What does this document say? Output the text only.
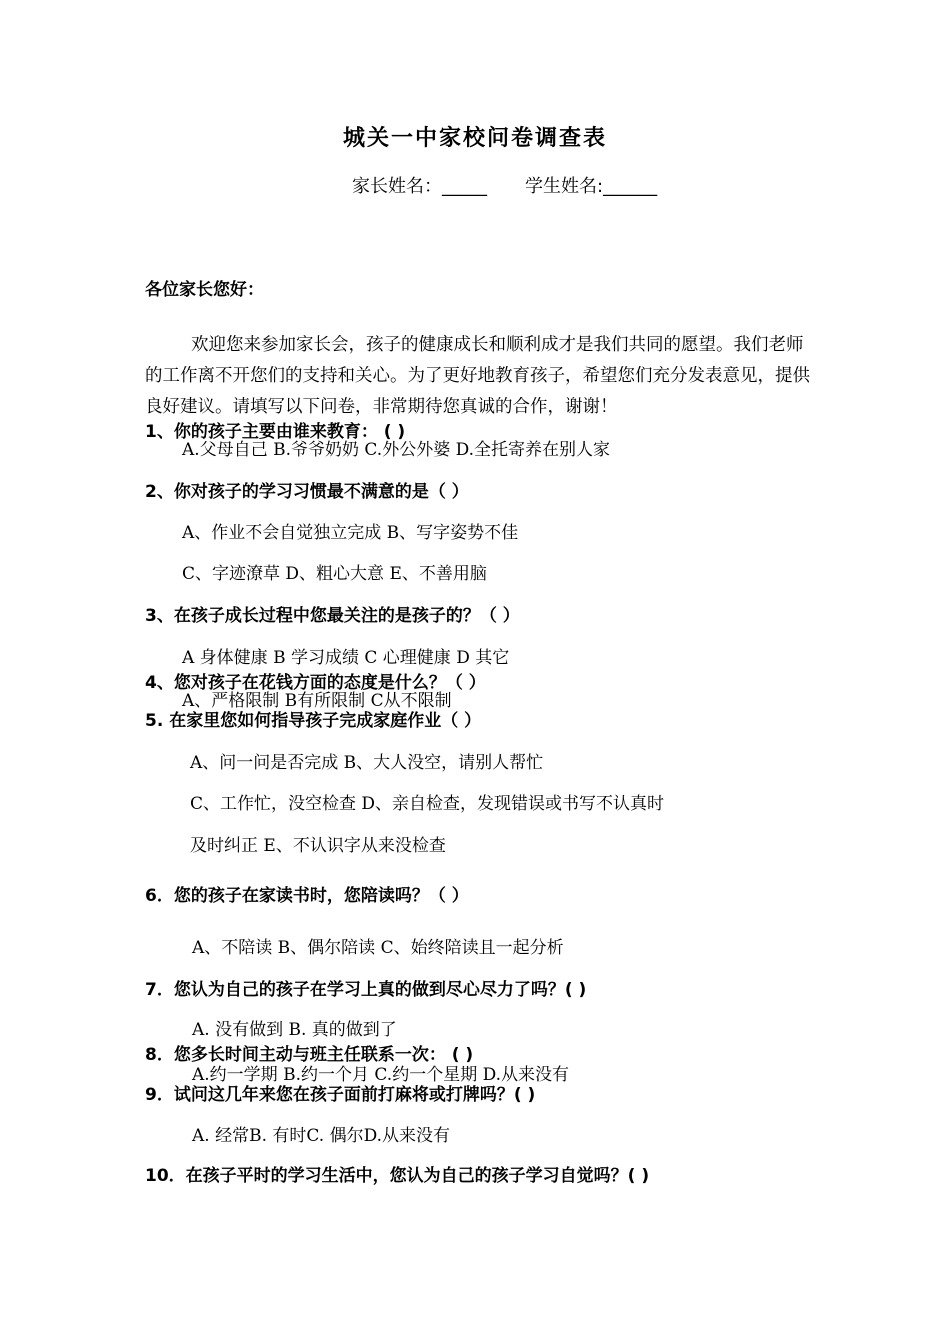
城关一中家校问卷调查表
家长姓名：_____ 学生姓名:______
各位家长您好：
欢迎您来参加家长会，孩子的健康成长和顺利成才是我们共同的愿望。我们老师的工作离不开您们的支持和关心。为了更好地教育孩子，希望您们充分发表意见，提供良好建议。请填写以下问卷，非常期待您真诚的合作，谢谢！
1、你的孩子主要由谁来教育： ( )
A.父母自己 B.爷爷奶奶 C.外公外婆 D.全托寄养在别人家
2、你对孩子的学习习惯最不满意的是（ ）
A、作业不会自觉独立完成 B、写字姿势不佳
C、字迹潦草 D、粗心大意 E、不善用脑
3、在孩子成长过程中您最关注的是孩子的？（ ）
A 身体健康 B 学习成绩 C 心理健康 D 其它
4、您对孩子在花钱方面的态度是什么？（ ）
A、严格限制 B有所限制 C从不限制
5. 在家里您如何指导孩子完成家庭作业（ ）
A、问一问是否完成 B、大人没空，请别人帮忙
C、工作忙，没空检查 D、亲自检查，发现错误或书写不认真时
及时纠正 E、不认识字从来没检查
6．您的孩子在家读书时，您陪读吗？（ ）
A、不陪读 B、偶尔陪读 C、始终陪读且一起分析
7．您认为自己的孩子在学习上真的做到尽心尽力了吗？( )
A. 没有做到 B. 真的做到了
8．您多长时间主动与班主任联系一次： ( )
A.约一学期 B.约一个月 C.约一个星期 D.从来没有
9．试问这几年来您在孩子面前打麻将或打牌吗？( )
A. 经常B. 有时C. 偶尔D.从来没有
10．在孩子平时的学习生活中，您认为自己的孩子学习自觉吗？( )
